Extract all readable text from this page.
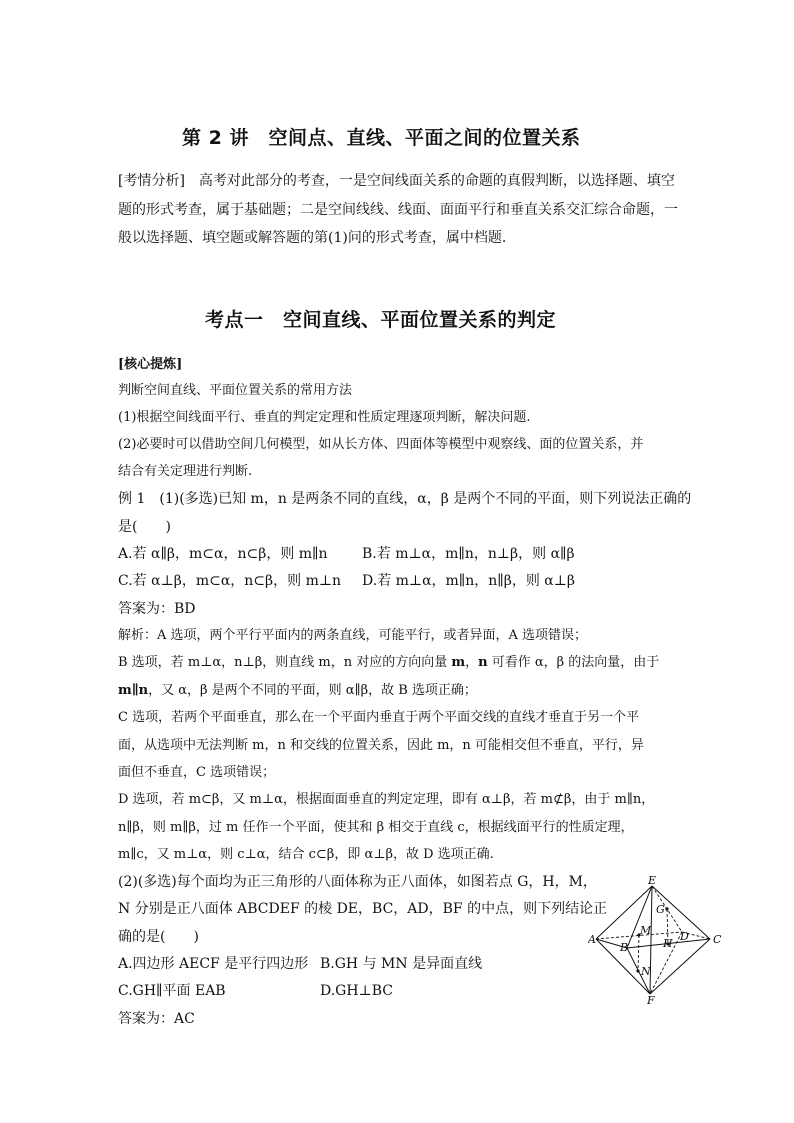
第 2 讲　空间点、直线、平面之间的位置关系
[考情分析]　高考对此部分的考查，一是空间线面关系的命题的真假判断，以选择题、填空
题的形式考查，属于基础题；二是空间线线、线面、面面平行和垂直关系交汇综合命题，一
般以选择题、填空题或解答题的第(1)问的形式考查，属中档题.
考点一　空间直线、平面位置关系的判定
[核心提炼]
判断空间直线、平面位置关系的常用方法
(1)根据空间线面平行、垂直的判定定理和性质定理逐项判断，解决问题.
(2)必要时可以借助空间几何模型，如从长方体、四面体等模型中观察线、面的位置关系，并
结合有关定理进行判断.
例 1　(1)(多选)已知 m，n 是两条不同的直线，α，β 是两个不同的平面，则下列说法正确的
是(　　)
A.若 α∥β，m⊂α，n⊂β，则 m∥n B.若 m⊥α，m∥n，n⊥β，则 α∥β
C.若 α⊥β，m⊂α，n⊂β，则 m⊥n D.若 m⊥α，m∥n，n∥β，则 α⊥β
答案为：BD
解析：A 选项，两个平行平面内的两条直线，可能平行，或者异面，A 选项错误；
B 选项，若 m⊥α，n⊥β，则直线 m，n 对应的方向向量 m，n 可看作 α，β 的法向量，由于
m∥n，又 α，β 是两个不同的平面，则 α∥β，故 B 选项正确；
C 选项，若两个平面垂直，那么在一个平面内垂直于两个平面交线的直线才垂直于另一个平
面，从选项中无法判断 m，n 和交线的位置关系，因此 m，n 可能相交但不垂直，平行，异
面但不垂直，C 选项错误；
D 选项，若 m⊂β，又 m⊥α，根据面面垂直的判定定理，即有 α⊥β，若 m⊄β，由于 m∥n，
n∥β，则 m∥β，过 m 任作一个平面，使其和 β 相交于直线 c，根据线面平行的性质定理，
m∥c，又 m⊥α，则 c⊥α，结合 c⊂β，即 α⊥β，故 D 选项正确.
(2)(多选)每个面均为正三角形的八面体称为正八面体，如图若点 G，H，M，
N 分别是正八面体 ABCDEF 的棱 DE，BC，AD，BF 的中点，则下列结论正
确的是(　　)
A.四边形 AECF 是平行四边形 B.GH 与 MN 是异面直线
C.GH∥平面 EAB	D.GH⊥BC
答案为：AC
E
F
A	C
B
D
G
H
M
N
